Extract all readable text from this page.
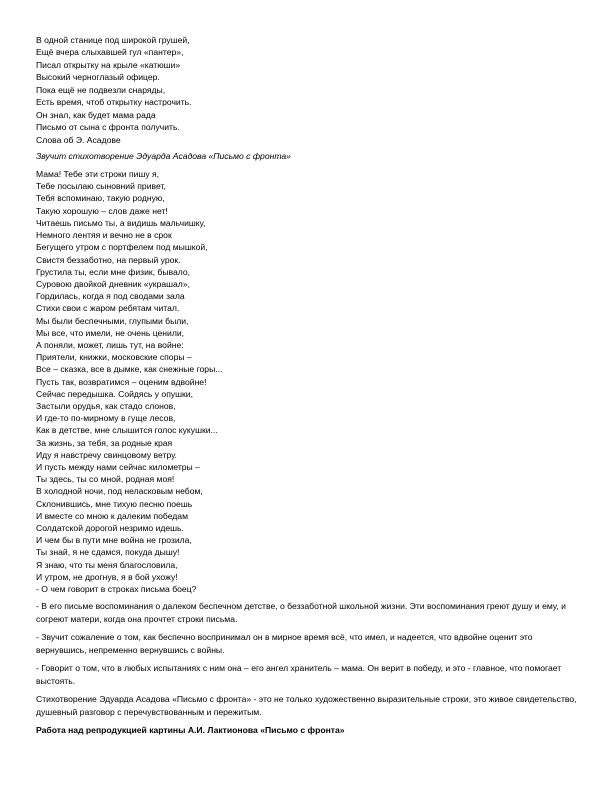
В одной станице под широкой грушей,
Ещё вчера слыхавшей гул «пантер»,
Писал открытку на крыле «катюши»
Высокий черноглазый офицер.
Пока ещё не подвезли снаряды,
Есть время, чтоб открытку настрочить.
Он знал, как будет мама рада
Письмо от сына с фронта получить.
Слова об Э. Асадове
Звучит стихотворение Эдуарда Асадова «Письмо с фронта»
Мама! Тебе эти строки пишу я,
Тебе посылаю сыновний привет,
Тебя вспоминаю, такую родную,
Такую хорошую – слов даже нет!
Читаешь письмо ты, а видишь мальчишку,
Немного лентяя и вечно не в срок
Бегущего утром с портфелем под мышкой,
Свистя беззаботно, на первый урок.
Грустила ты, если мне физик, бывало,
Суровою двойкой дневник «украшал»,
Гордилась, когда я под сводами зала
Стихи свои с жаром ребятам читал.
Мы были беспечными, глупыми были,
Мы все, что имели, не очень ценили,
А поняли, может, лишь тут, на войне:
Приятели, книжки, московские споры –
Все – сказка, все в дымке, как снежные горы...
Пусть так, возвратимся – оценим вдвойне!
Сейчас передышка. Сойдясь у опушки,
Застыли орудья, как стадо слонов,
И где-то по-мирному в гуще лесов,
Как в детстве, мне слышится голос кукушки...
За жизнь, за тебя, за родные края
Иду я навстречу свинцовому ветру.
И пусть между нами сейчас километры –
Ты здесь, ты со мной, родная моя!
В холодной ночи, под неласковым небом,
Склонившись, мне тихую песню поешь
И вместе со мною к далеким победам
Солдатской дорогой незримо идешь.
И чем бы в пути мне война не грозила,
Ты знай, я не сдамся, покуда дышу!
Я знаю, что ты меня благословила,
И утром, не дрогнув, я в бой ухожу!
- О чем говорит в строках письма боец?
- В его письме воспоминания о далеком беспечном детстве, о беззаботной школьной жизни. Эти воспоминания греют душу и ему, и согреют матери, когда она прочтет строки письма.
- Звучит сожаление о том, как беспечно воспринимал он в мирное время всё, что имел, и надеется, что вдвойне оценит это вернувшись, непременно вернувшись с войны.
- Говорит о том, что в любых испытаниях с ним она – его ангел хранитель – мама. Он верит в победу, и это - главное, что помогает выстоять.
Стихотворение Эдуарда Асадова «Письмо с фронта» - это не только художественно выразительные строки, это живое свидетельство, душевный разговор с перечувствованным и пережитым.
Работа над репродукцией картины А.И. Лактионова «Письмо с фронта»
